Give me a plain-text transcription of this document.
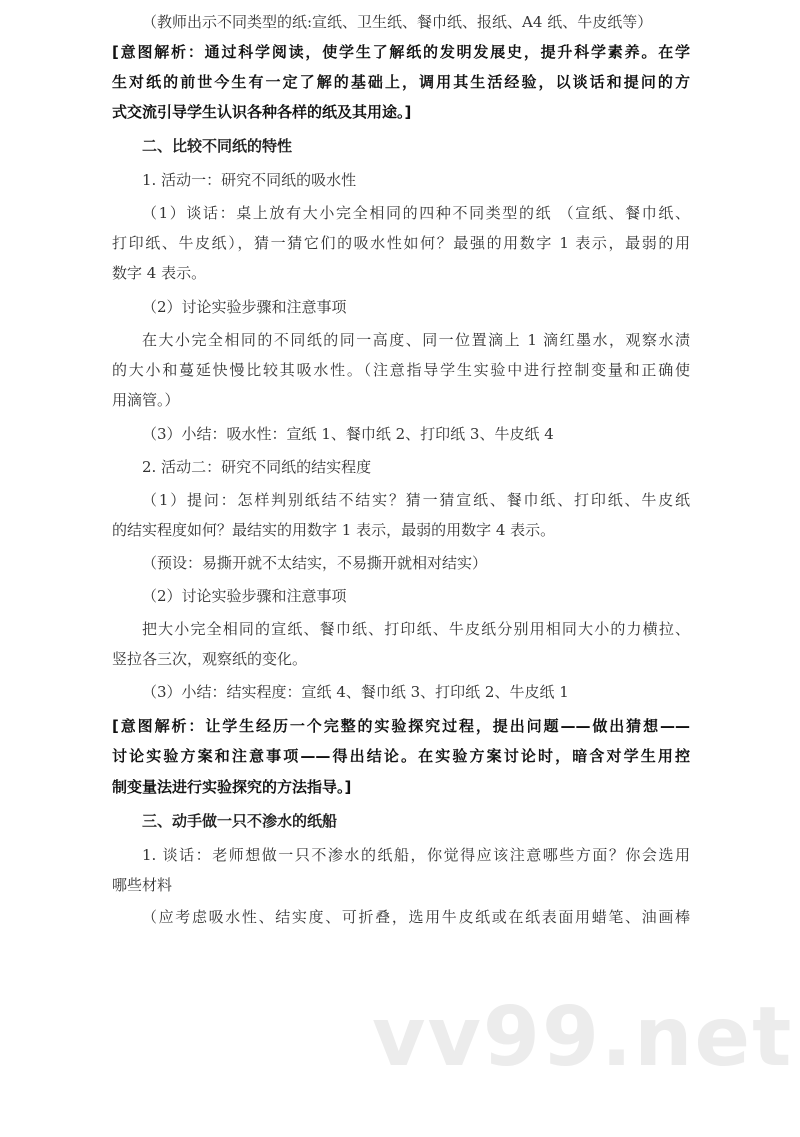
（教师出示不同类型的纸:宣纸、卫生纸、餐巾纸、报纸、A4 纸、牛皮纸等）
[意图解析：通过科学阅读，使学生了解纸的发明发展史，提升科学素养。在学
生对纸的前世今生有一定了解的基础上，调用其生活经验，以谈话和提问的方
式交流引导学生认识各种各样的纸及其用途。]
二、比较不同纸的特性
1. 活动一：研究不同纸的吸水性
（1）谈话：桌上放有大小完全相同的四种不同类型的纸 （宣纸、餐巾纸、
打印纸、牛皮纸），猜一猜它们的吸水性如何？最强的用数字 1 表示，最弱的用
数字 4 表示。
（2）讨论实验步骤和注意事项
在大小完全相同的不同纸的同一高度、同一位置滴上 1 滴红墨水，观察水渍
的大小和蔓延快慢比较其吸水性。（注意指导学生实验中进行控制变量和正确使
用滴管。）
（3）小结：吸水性：宣纸 1、餐巾纸 2、打印纸 3、牛皮纸 4
2. 活动二：研究不同纸的结实程度
（1）提问：怎样判别纸结不结实？猜一猜宣纸、餐巾纸、打印纸、牛皮纸
的结实程度如何？最结实的用数字 1 表示，最弱的用数字 4 表示。
（预设：易撕开就不太结实，不易撕开就相对结实）
（2）讨论实验步骤和注意事项
把大小完全相同的宣纸、餐巾纸、打印纸、牛皮纸分别用相同大小的力横拉、
竖拉各三次，观察纸的变化。
（3）小结：结实程度：宣纸 4、餐巾纸 3、打印纸 2、牛皮纸 1
[意图解析：让学生经历一个完整的实验探究过程，提出问题——做出猜想——
讨论实验方案和注意事项——得出结论。在实验方案讨论时，暗含对学生用控
制变量法进行实验探究的方法指导。]
三、动手做一只不渗水的纸船
1. 谈话：老师想做一只不渗水的纸船，你觉得应该注意哪些方面？你会选用
哪些材料
（应考虑吸水性、结实度、可折叠，选用牛皮纸或在纸表面用蜡笔、油画棒
vv99.net
